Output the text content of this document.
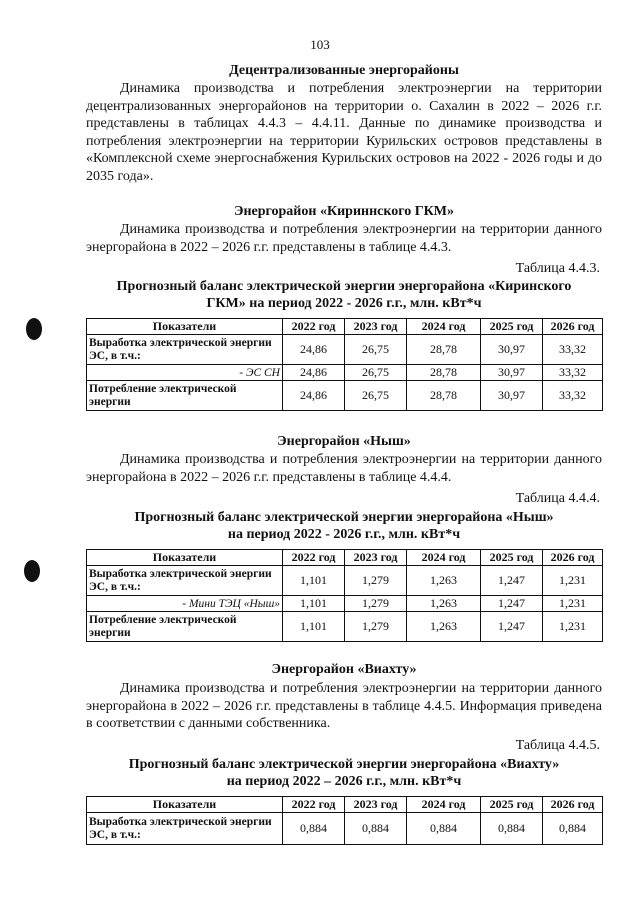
103
Децентрализованные энергорайоны
Динамика производства и потребления электроэнергии на территории децентрализованных энергорайонов на территории о. Сахалин в 2022 – 2026 г.г. представлены в таблицах 4.4.3 – 4.4.11. Данные по динамике производства и потребления электроэнергии на территории Курильских островов представлены в «Комплексной схеме энергоснабжения Курильских островов на 2022 - 2026 годы и до 2035 года».
Энергорайон «Кириннского ГКМ»
Динамика производства и потребления электроэнергии на территории данного энергорайона в 2022 – 2026 г.г. представлены в таблице 4.4.3.
Таблица 4.4.3.
Прогнозный баланс электрической энергии энергорайона «Киринского
ГКМ» на период 2022 - 2026 г.г., млн. кВт*ч
Показатели	2022 год	2023 год	2024 год	2025 год	2026 год
Выработка электрической энергии ЭС, в т.ч.:	24,86	26,75	28,78	30,97	33,32
- ЭС СН	24,86	26,75	28,78	30,97	33,32
Потребление электрической энергии	24,86	26,75	28,78	30,97	33,32
Энергорайон «Ныш»
Динамика производства и потребления электроэнергии на территории данного энергорайона в 2022 – 2026 г.г. представлены в таблице 4.4.4.
Таблица 4.4.4.
Прогнозный баланс электрической энергии энергорайона «Ныш»
на период 2022 - 2026 г.г., млн. кВт*ч
Показатели	2022 год	2023 год	2024 год	2025 год	2026 год
Выработка электрической энергии ЭС, в т.ч.:	1,101	1,279	1,263	1,247	1,231
- Мини ТЭЦ «Ныш»	1,101	1,279	1,263	1,247	1,231
Потребление электрической энергии	1,101	1,279	1,263	1,247	1,231
Энергорайон «Виахту»
Динамика производства и потребления электроэнергии на территории данного энергорайона в 2022 – 2026 г.г. представлены в таблице 4.4.5. Информация приведена в соответствии с данными собственника.
Таблица 4.4.5.
Прогнозный баланс электрической энергии энергорайона «Виахту»
на период 2022 – 2026 г.г., млн. кВт*ч
Показатели	2022 год	2023 год	2024 год	2025 год	2026 год
Выработка электрической энергии ЭС, в т.ч.:	0,884	0,884	0,884	0,884	0,884
